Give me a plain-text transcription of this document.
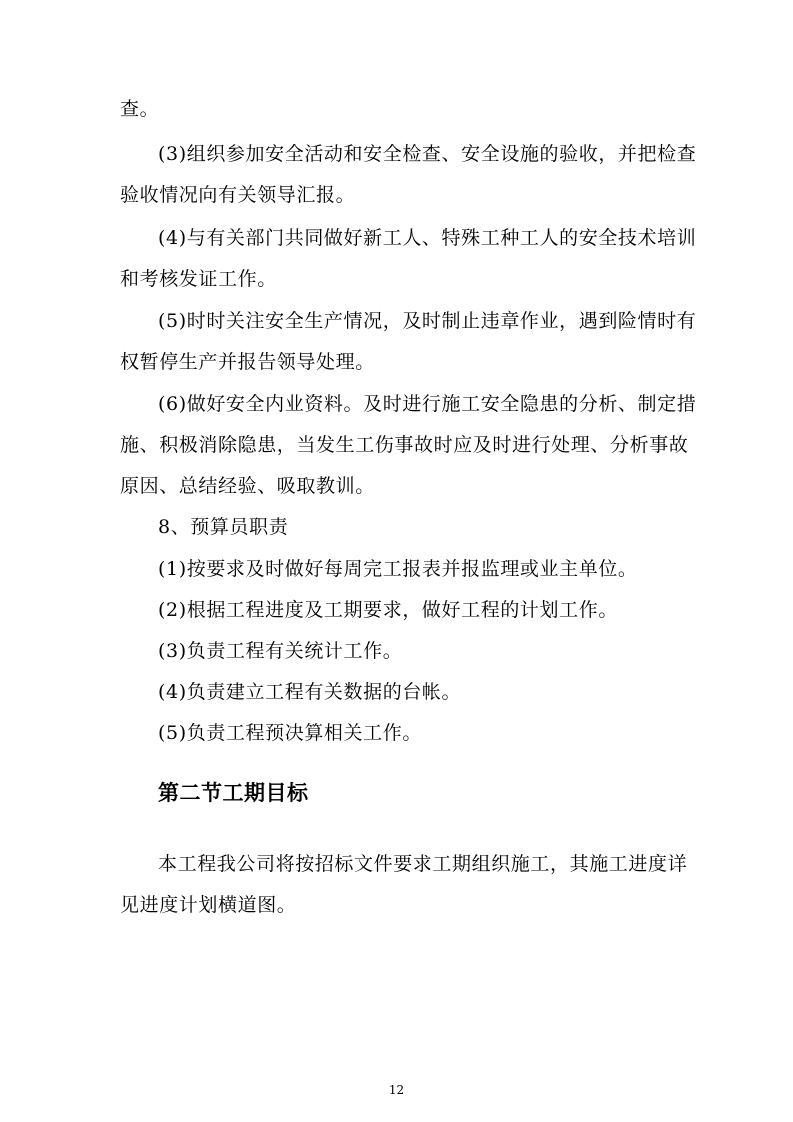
查。
(3)组织参加安全活动和安全检查、安全设施的验收，并把检查
验收情况向有关领导汇报。
(4)与有关部门共同做好新工人、特殊工种工人的安全技术培训
和考核发证工作。
(5)时时关注安全生产情况，及时制止违章作业，遇到险情时有
权暂停生产并报告领导处理。
(6)做好安全内业资料。及时进行施工安全隐患的分析、制定措
施、积极消除隐患，当发生工伤事故时应及时进行处理、分析事故
原因、总结经验、吸取教训。
8、预算员职责
(1)按要求及时做好每周完工报表并报监理或业主单位。
(2)根据工程进度及工期要求，做好工程的计划工作。
(3)负责工程有关统计工作。
(4)负责建立工程有关数据的台帐。
(5)负责工程预决算相关工作。
第二节工期目标
本工程我公司将按招标文件要求工期组织施工，其施工进度详
见进度计划横道图。
12
